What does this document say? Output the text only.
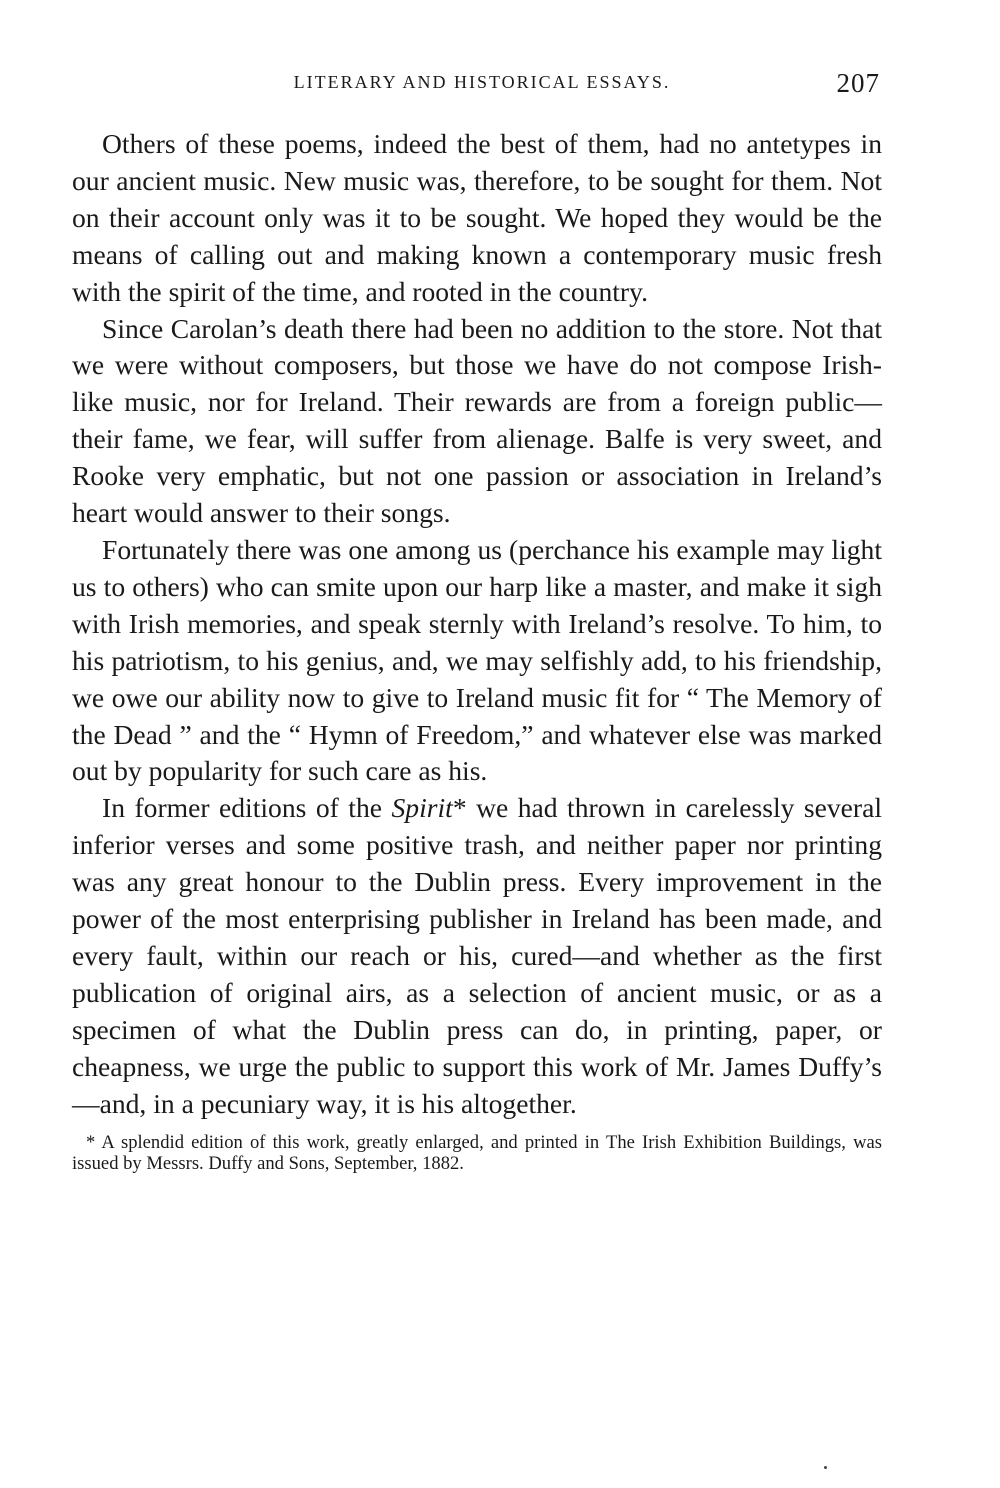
LITERARY AND HISTORICAL ESSAYS.	207

Others of these poems, indeed the best of them, had no antetypes in our ancient music. New music was, therefore, to be sought for them. Not on their account only was it to be sought. We hoped they would be the means of calling out and making known a contemporary music fresh with the spirit of the time, and rooted in the country.

Since Carolan’s death there had been no addition to the store. Not that we were without composers, but those we have do not compose Irish-like music, nor for Ireland. Their rewards are from a foreign public—their fame, we fear, will suffer from alienage. Balfe is very sweet, and Rooke very emphatic, but not one passion or association in Ireland’s heart would answer to their songs.

Fortunately there was one among us (perchance his example may light us to others) who can smite upon our harp like a master, and make it sigh with Irish memories, and speak sternly with Ireland’s resolve. To him, to his patriotism, to his genius, and, we may selfishly add, to his friendship, we owe our ability now to give to Ireland music fit for “ The Memory of the Dead ” and the “ Hymn of Freedom,” and whatever else was marked out by popularity for such care as his.

In former editions of the Spirit* we had thrown in carelessly several inferior verses and some positive trash, and neither paper nor printing was any great honour to the Dublin press. Every improvement in the power of the most enterprising publisher in Ireland has been made, and every fault, within our reach or his, cured—and whether as the first publication of original airs, as a selection of ancient music, or as a specimen of what the Dublin press can do, in printing, paper, or cheapness, we urge the public to support this work of Mr. James Duffy’s—and, in a pecuniary way, it is his altogether.

* A splendid edition of this work, greatly enlarged, and printed in The Irish Exhibition Buildings, was issued by Messrs. Duffy and Sons, September, 1882.
